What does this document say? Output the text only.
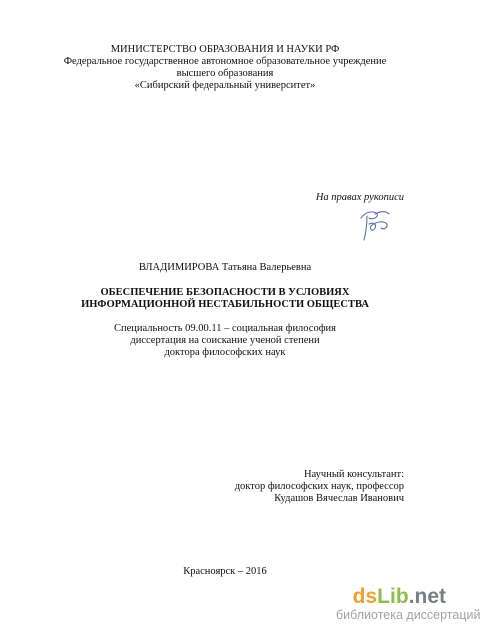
МИНИСТЕРСТВО ОБРАЗОВАНИЯ И НАУКИ РФ
Федеральное государственное автономное образовательное учреждение
высшего образования
«Сибирский федеральный университет»
На правах рукописи
ВЛАДИМИРОВА Татьяна Валерьевна
ОБЕСПЕЧЕНИЕ БЕЗОПАСНОСТИ В УСЛОВИЯХ
ИНФОРМАЦИОННОЙ НЕСТАБИЛЬНОСТИ ОБЩЕСТВА
Специальность 09.00.11 – социальная философия
диссертация на соискание ученой степени
доктора философских наук
Научный консультант:
доктор философских наук, профессор
Кудашов Вячеслав Иванович
Красноярск – 2016
dsLib.net
библиотека диссертаций
